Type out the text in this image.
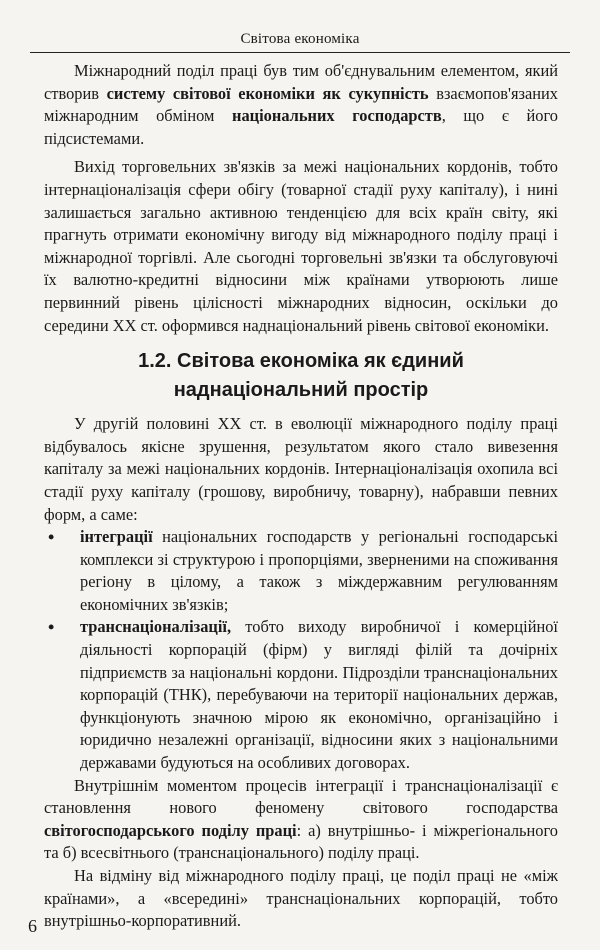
Світова економіка

Міжнародний поділ праці був тим об'єднувальним елементом, який створив систему світової економіки як сукупність взаємопов'язаних міжнародним обміном національних господарств, що є його підсистемами.

Вихід торговельних зв'язків за межі національних кордонів, тобто інтернаціоналізація сфери обігу (товарної стадії руху капіталу), і нині залишається загально активною тенденцією для всіх країн світу, які прагнуть отримати економічну вигоду від міжнародного поділу праці і міжнародної торгівлі. Але сьогодні торговельні зв'язки та обслуговуючі їх валютно-кредитні відносини між країнами утворюють лише первинний рівень цілісності міжнародних відносин, оскільки до середини XX ст. оформився наднаціональний рівень світової економіки.

1.2. Світова економіка як єдиний
наднаціональний простір

У другій половині XX ст. в еволюції міжнародного поділу праці відбувалось якісне зрушення, результатом якого стало вивезення капіталу за межі національних кордонів. Інтернаціоналізація охопила всі стадії руху капіталу (грошову, виробничу, товарну), набравши певних форм, а саме:

• інтеграції національних господарств у регіональні господарські комплекси зі структурою і пропорціями, зверненими на споживання регіону в цілому, а також з міждержавним регулюванням економічних зв'язків;
• транснаціоналізації, тобто виходу виробничої і комерційної діяльності корпорацій (фірм) у вигляді філій та дочірніх підприємств за національні кордони. Підрозділи транснаціональних корпорацій (ТНК), перебуваючи на території національних держав, функціонують значною мірою як економічно, організаційно і юридично незалежні організації, відносини яких з національними державами будуються на особливих договорах.

Внутрішнім моментом процесів інтеграції і транснаціоналізації є становлення нового феномену світового господарства світогосподарського поділу праці: а) внутрішньо- і міжрегіонального та б) всесвітнього (транснаціонального) поділу праці.

На відміну від міжнародного поділу праці, це поділ праці не «між країнами», а «всередині» транснаціональних корпорацій, тобто внутрішньо-корпоративний.

6
